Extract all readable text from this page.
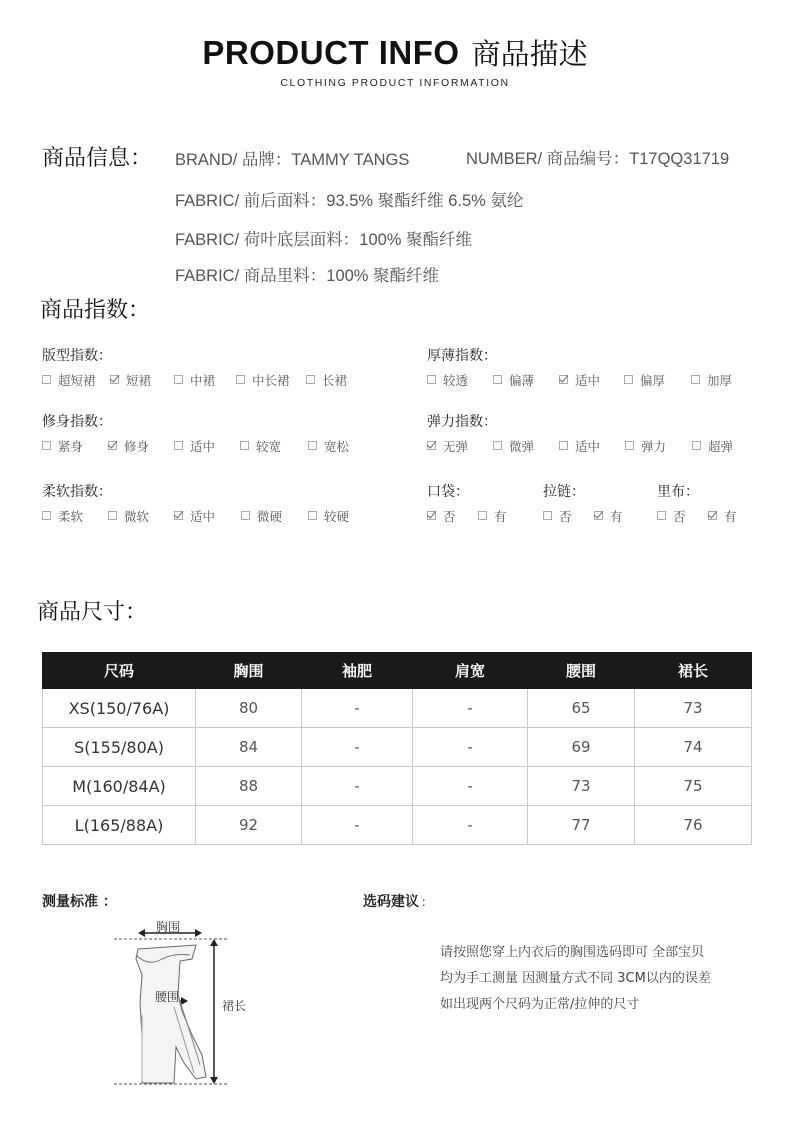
PRODUCT INFO 商品描述
CLOTHING PRODUCT INFORMATION
商品信息： BRAND/ 品牌：TAMMY TANGS	NUMBER/ 商品编号：T17QQ31719
FABRIC/ 前后面料：93.5% 聚酯纤维 6.5% 氨纶
FABRIC/ 荷叶底层面料：100% 聚酯纤维
FABRIC/ 商品里料：100% 聚酯纤维
商品指数：
版型指数：
超短裙 短裙	中裙	中长裙	长裙
厚薄指数：
较透	偏薄	适中	偏厚	加厚
修身指数：
紧身	修身	适中	较宽	宽松
弹力指数：
无弹	微弹	适中	弹力	超弹
柔软指数：
柔软	微软	适中	微硬	较硬
口袋：
否	有
拉链：
否	有
里布：
否	有
商品尺寸：
尺码	胸围	袖肥	肩宽	腰围	裙长
XS(150/76A)	80	-	-	65	73
S(155/80A)	84	-	-	69	74
M(160/84A)	88	-	-	73	75
L(165/88A)	92	-	-	77	76
测量标准 ：
胸围
腰围
裙长
选码建议 ：
请按照您穿上内衣后的胸围选码即可 全部宝贝
均为手工测量 因测量方式不同 3CM以内的误差
如出现两个尺码为正常/拉伸的尺寸
